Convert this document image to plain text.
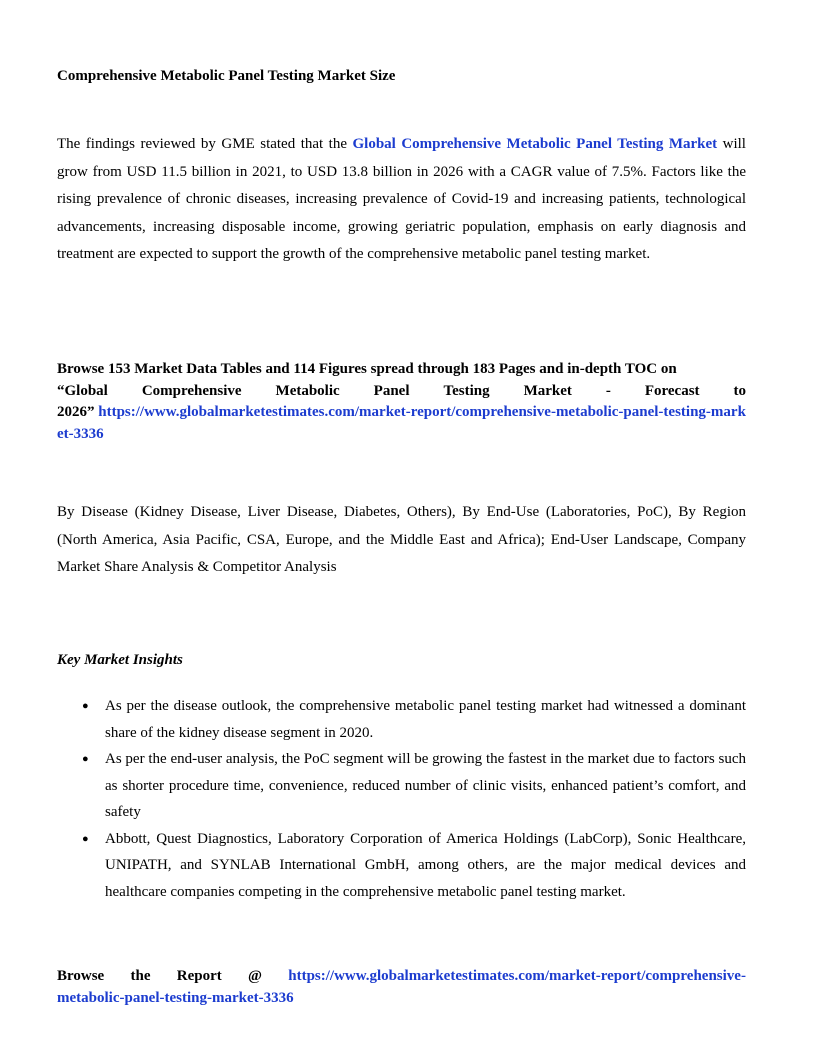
Comprehensive Metabolic Panel Testing Market Size

The findings reviewed by GME stated that the Global Comprehensive Metabolic Panel Testing Market will grow from USD 11.5 billion in 2021, to USD 13.8 billion in 2026 with a CAGR value of 7.5%. Factors like the rising prevalence of chronic diseases, increasing prevalence of Covid-19 and increasing patients, technological advancements, increasing disposable income, growing geriatric population, emphasis on early diagnosis and treatment are expected to support the growth of the comprehensive metabolic panel testing market.

Browse 153 Market Data Tables and 114 Figures spread through 183 Pages and in-depth TOC on
“Global Comprehensive Metabolic Panel Testing Market - Forecast to
2026” https://www.globalmarketestimates.com/market-report/comprehensive-metabolic-panel-testing-market-3336

By Disease (Kidney Disease, Liver Disease, Diabetes, Others), By End-Use (Laboratories, PoC), By Region (North America, Asia Pacific, CSA, Europe, and the Middle East and Africa); End-User Landscape, Company Market Share Analysis & Competitor Analysis

Key Market Insights
● As per the disease outlook, the comprehensive metabolic panel testing market had witnessed a dominant share of the kidney disease segment in 2020.
● As per the end-user analysis, the PoC segment will be growing the fastest in the market due to factors such as shorter procedure time, convenience, reduced number of clinic visits, enhanced patient’s comfort, and safety
● Abbott, Quest Diagnostics, Laboratory Corporation of America Holdings (LabCorp), Sonic Healthcare, UNIPATH, and SYNLAB International GmbH, among others, are the major medical devices and healthcare companies competing in the comprehensive metabolic panel testing market.
Browse the Report @ https://www.globalmarketestimates.com/market-report/comprehensive-
metabolic-panel-testing-market-3336
